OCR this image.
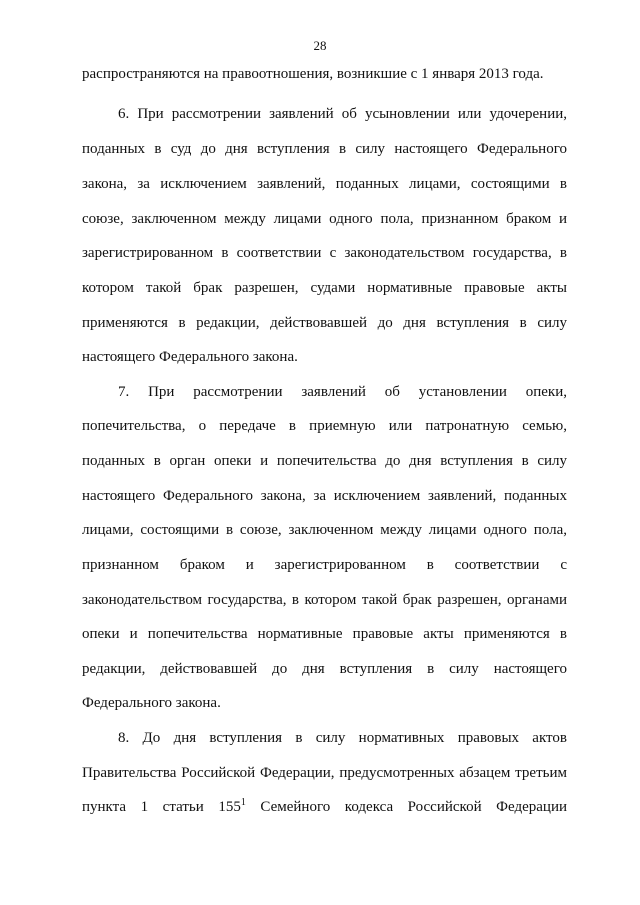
28
распространяются на правоотношения, возникшие с 1 января 2013 года.
6. При рассмотрении заявлений об усыновлении или удочерении,
поданных в суд до дня вступления в силу настоящего Федерального
закона, за исключением заявлений, поданных лицами, состоящими в
союзе, заключенном между лицами одного пола, признанном браком и
зарегистрированном в соответствии с законодательством государства, в
котором такой брак разрешен, судами нормативные правовые акты
применяются в редакции, действовавшей до дня вступления в силу
настоящего Федерального закона.
7. При рассмотрении заявлений об установлении опеки,
попечительства, о передаче в приемную или патронатную семью,
поданных в орган опеки и попечительства до дня вступления в силу
настоящего Федерального закона, за исключением заявлений, поданных
лицами, состоящими в союзе, заключенном между лицами одного пола,
признанном браком и зарегистрированном в соответствии с
законодательством государства, в котором такой брак разрешен, органами
опеки и попечительства нормативные правовые акты применяются в
редакции, действовавшей до дня вступления в силу настоящего
Федерального закона.
8. До дня вступления в силу нормативных правовых актов
Правительства Российской Федерации, предусмотренных абзацем третьим
пункта 1 статьи $155^1$ Семейного кодекса Российской Федерации
